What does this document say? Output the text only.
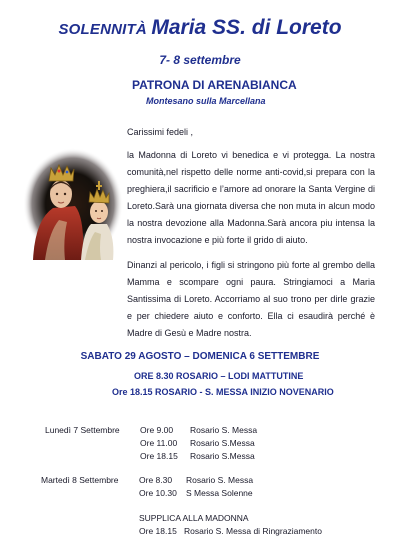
SOLENNITÀ Maria SS. di Loreto
7- 8 settembre
PATRONA DI ARENABIANCA
Montesano sulla Marcellana

Carissimi fedeli ,

la Madonna di Loreto vi benedica e vi protegga. La nostra comunità,nel rispetto delle norme anti-covid,si prepara con la preghiera,il sacrificio e l’amore ad onorare la Santa Vergine di Loreto.Sarà una giornata diversa che non muta in alcun modo la nostra devozione alla Madonna.Sarà ancora piu intensa la nostra invocazione e più forte il grido di aiuto.

Dinanzi al pericolo, i figli si stringono più forte al grembo della Mamma e scompare ogni paura. Stringiamoci a Maria Santissima di Loreto. Accorriamo al suo trono per dirle grazie e per chiedere aiuto e conforto. Ella ci esaudirà perché è Madre di Gesù e Madre nostra.

SABATO 29 AGOSTO – DOMENICA 6 SETTEMBRE
ORE 8.30 ROSARIO – LODI MATTUTINE
Ore 18.15 ROSARIO - S. MESSA INIZIO NOVENARIO
Lunedì 7 Settembre Ore 9.00 Rosario S. Messa
Ore 11.00 Rosario S.Messa
Ore 18.15 Rosario S.Messa
Martedì 8 Settembre Ore 8.30 Rosario S. Messa
Ore 10.30 S Messa Solenne
SUPPLICA ALLA MADONNA
Ore 18.15 Rosario S. Messa di Ringraziamento
